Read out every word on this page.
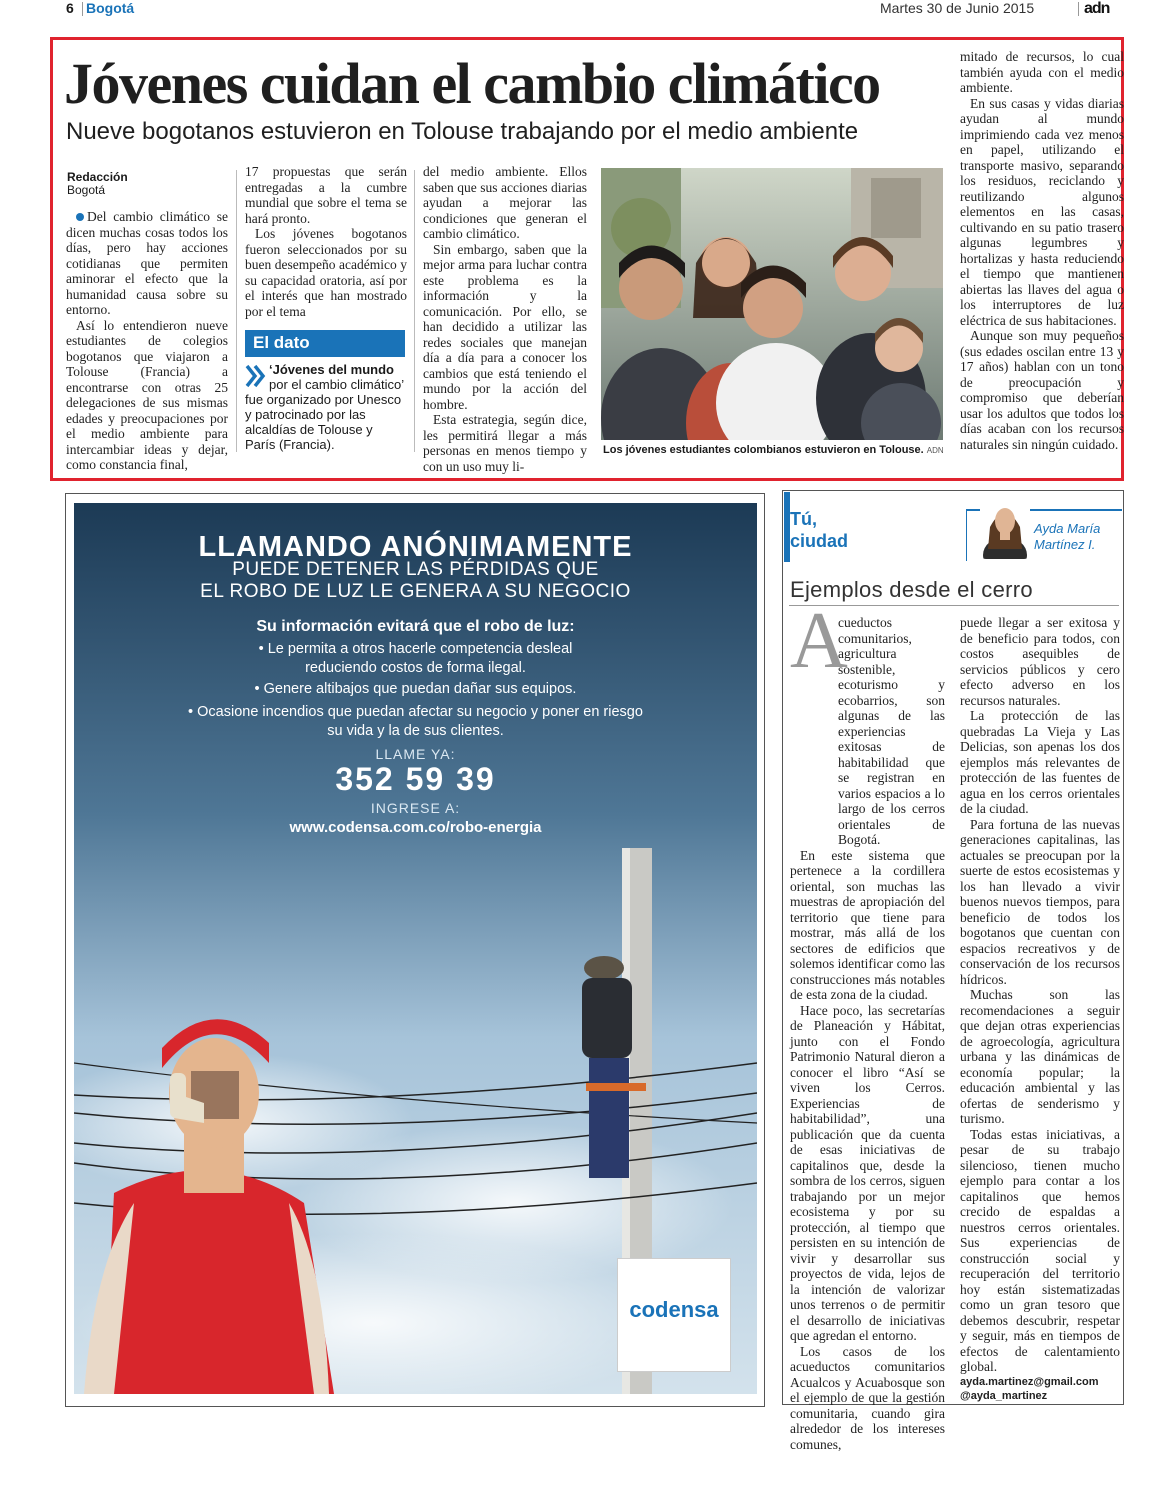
6 Bogotá	Martes 30 de Junio 2015	adn
Jóvenes cuidan el cambio climático
Nueve bogotanos estuvieron en Tolouse trabajando por el medio ambiente
Redacción
Bogotá

Del cambio climático se dicen muchas cosas todos los días, pero hay acciones cotidianas que permiten aminorar el efecto que la humanidad causa sobre su entorno.

Así lo entendieron nueve estudiantes de colegios bogotanos que viajaron a Tolouse (Francia) a encontrarse con otras 25 delegaciones de sus mismas edades y preocupaciones por el medio ambiente para intercambiar ideas y dejar, como constancia final,

17 propuestas que serán entregadas a la cumbre mundial que sobre el tema se hará pronto.

Los jóvenes bogotanos fueron seleccionados por su buen desempeño académico y su capacidad oratoria, así por el interés que han mostrado por el tema

El dato
‘Jóvenes del mundo
por el cambio climático’ fue organizado por Unesco y patrocinado por las alcaldías de Tolouse y París (Francia).

del medio ambiente. Ellos saben que sus acciones diarias ayudan a mejorar las condiciones que generan el cambio climático.

Sin embargo, saben que la mejor arma para luchar contra este problema es la información y la comunicación. Por ello, se han decidido a utilizar las redes sociales que manejan día a día para a conocer los cambios que está teniendo el mundo por la acción del hombre.

Esta estrategia, según dice, les permitirá llegar a más personas en menos tiempo y con un uso muy li-

Los jóvenes estudiantes colombianos estuvieron en Tolouse. ADN

mitado de recursos, lo cual también ayuda con el medio ambiente.

En sus casas y vidas diarias ayudan al mundo imprimiendo cada vez menos en papel, utilizando el transporte masivo, separando los residuos, reciclando y reutilizando algunos elementos en las casas, cultivando en su patio trasero algunas legumbres y hortalizas y hasta reduciendo el tiempo que mantienen abiertas las llaves del agua o los interruptores de luz eléctrica de sus habitaciones.

Aunque son muy pequeños (sus edades oscilan entre 13 y 17 años) hablan con un tono de preocupación y compromiso que deberían usar los adultos que todos los días acaban con los recursos naturales sin ningún cuidado.

LLAMANDO ANÓNIMAMENTE
PUEDE DETENER LAS PÉRDIDAS QUE
EL ROBO DE LUZ LE GENERA A SU NEGOCIO
Su información evitará que el robo de luz:
• Le permita a otros hacerle competencia desleal
reduciendo costos de forma ilegal.
• Genere altibajos que puedan dañar sus equipos.
• Ocasione incendios que puedan afectar su negocio y poner en riesgo
su vida y la de sus clientes.
LLAME YA:
352 59 39
INGRESE A:
www.codensa.com.co/robo-energia
codensa
Tú,
ciudad
Ayda María
Martínez I.
Ejemplos desde el cerro
A

cueductos comunitarios, agricultura sostenible, ecoturismo y ecobarrios, son algunas de las experiencias exitosas de habitabilidad que se registran en varios espacios a lo largo de los cerros orientales de Bogotá.

En este sistema que pertenece a la cordillera oriental, son muchas las muestras de apropiación del territorio que tiene para mostrar, más allá de los sectores de edificios que solemos identificar como las construcciones más notables de esta zona de la ciudad.

Hace poco, las secretarías de Planeación y Hábitat, junto con el Fondo Patrimonio Natural dieron a conocer el libro “Así se viven los Cerros. Experiencias de habitabilidad”, una publicación que da cuenta de esas iniciativas de capitalinos que, desde la sombra de los cerros, siguen trabajando por un mejor ecosistema y por su protección, al tiempo que persisten en su intención de vivir y desarrollar sus proyectos de vida, lejos de la intención de valorizar unos terrenos o de permitir el desarrollo de iniciativas que agredan el entorno.

Los casos de los acueductos comunitarios Acualcos y Acuabosque son el ejemplo de que la gestión comunitaria, cuando gira alrededor de los intereses comunes,

puede llegar a ser exitosa y de beneficio para todos, con costos asequibles de servicios públicos y cero efecto adverso en los recursos naturales.

La protección de las quebradas La Vieja y Las Delicias, son apenas los dos ejemplos más relevantes de protección de las fuentes de agua en los cerros orientales de la ciudad.

Para fortuna de las nuevas generaciones capitalinas, las actuales se preocupan por la suerte de estos ecosistemas y los han llevado a vivir buenos nuevos tiempos, para beneficio de todos los bogotanos que cuentan con espacios recreativos y de conservación de los recursos hídricos.

Muchas son las recomendaciones a seguir que dejan otras experiencias de agroecología, agricultura urbana y las dinámicas de economía popular; la educación ambiental y las ofertas de senderismo y turismo.

Todas estas iniciativas, a pesar de su trabajo silencioso, tienen mucho ejemplo para contar a los capitalinos que hemos crecido de espaldas a nuestros cerros orientales. Sus experiencias de construcción social y recuperación del territorio hoy están sistematizadas como un gran tesoro que debemos descubrir, respetar y seguir, más en tiempos de efectos de calentamiento global.

ayda.martinez@gmail.com
@ayda_martinez
